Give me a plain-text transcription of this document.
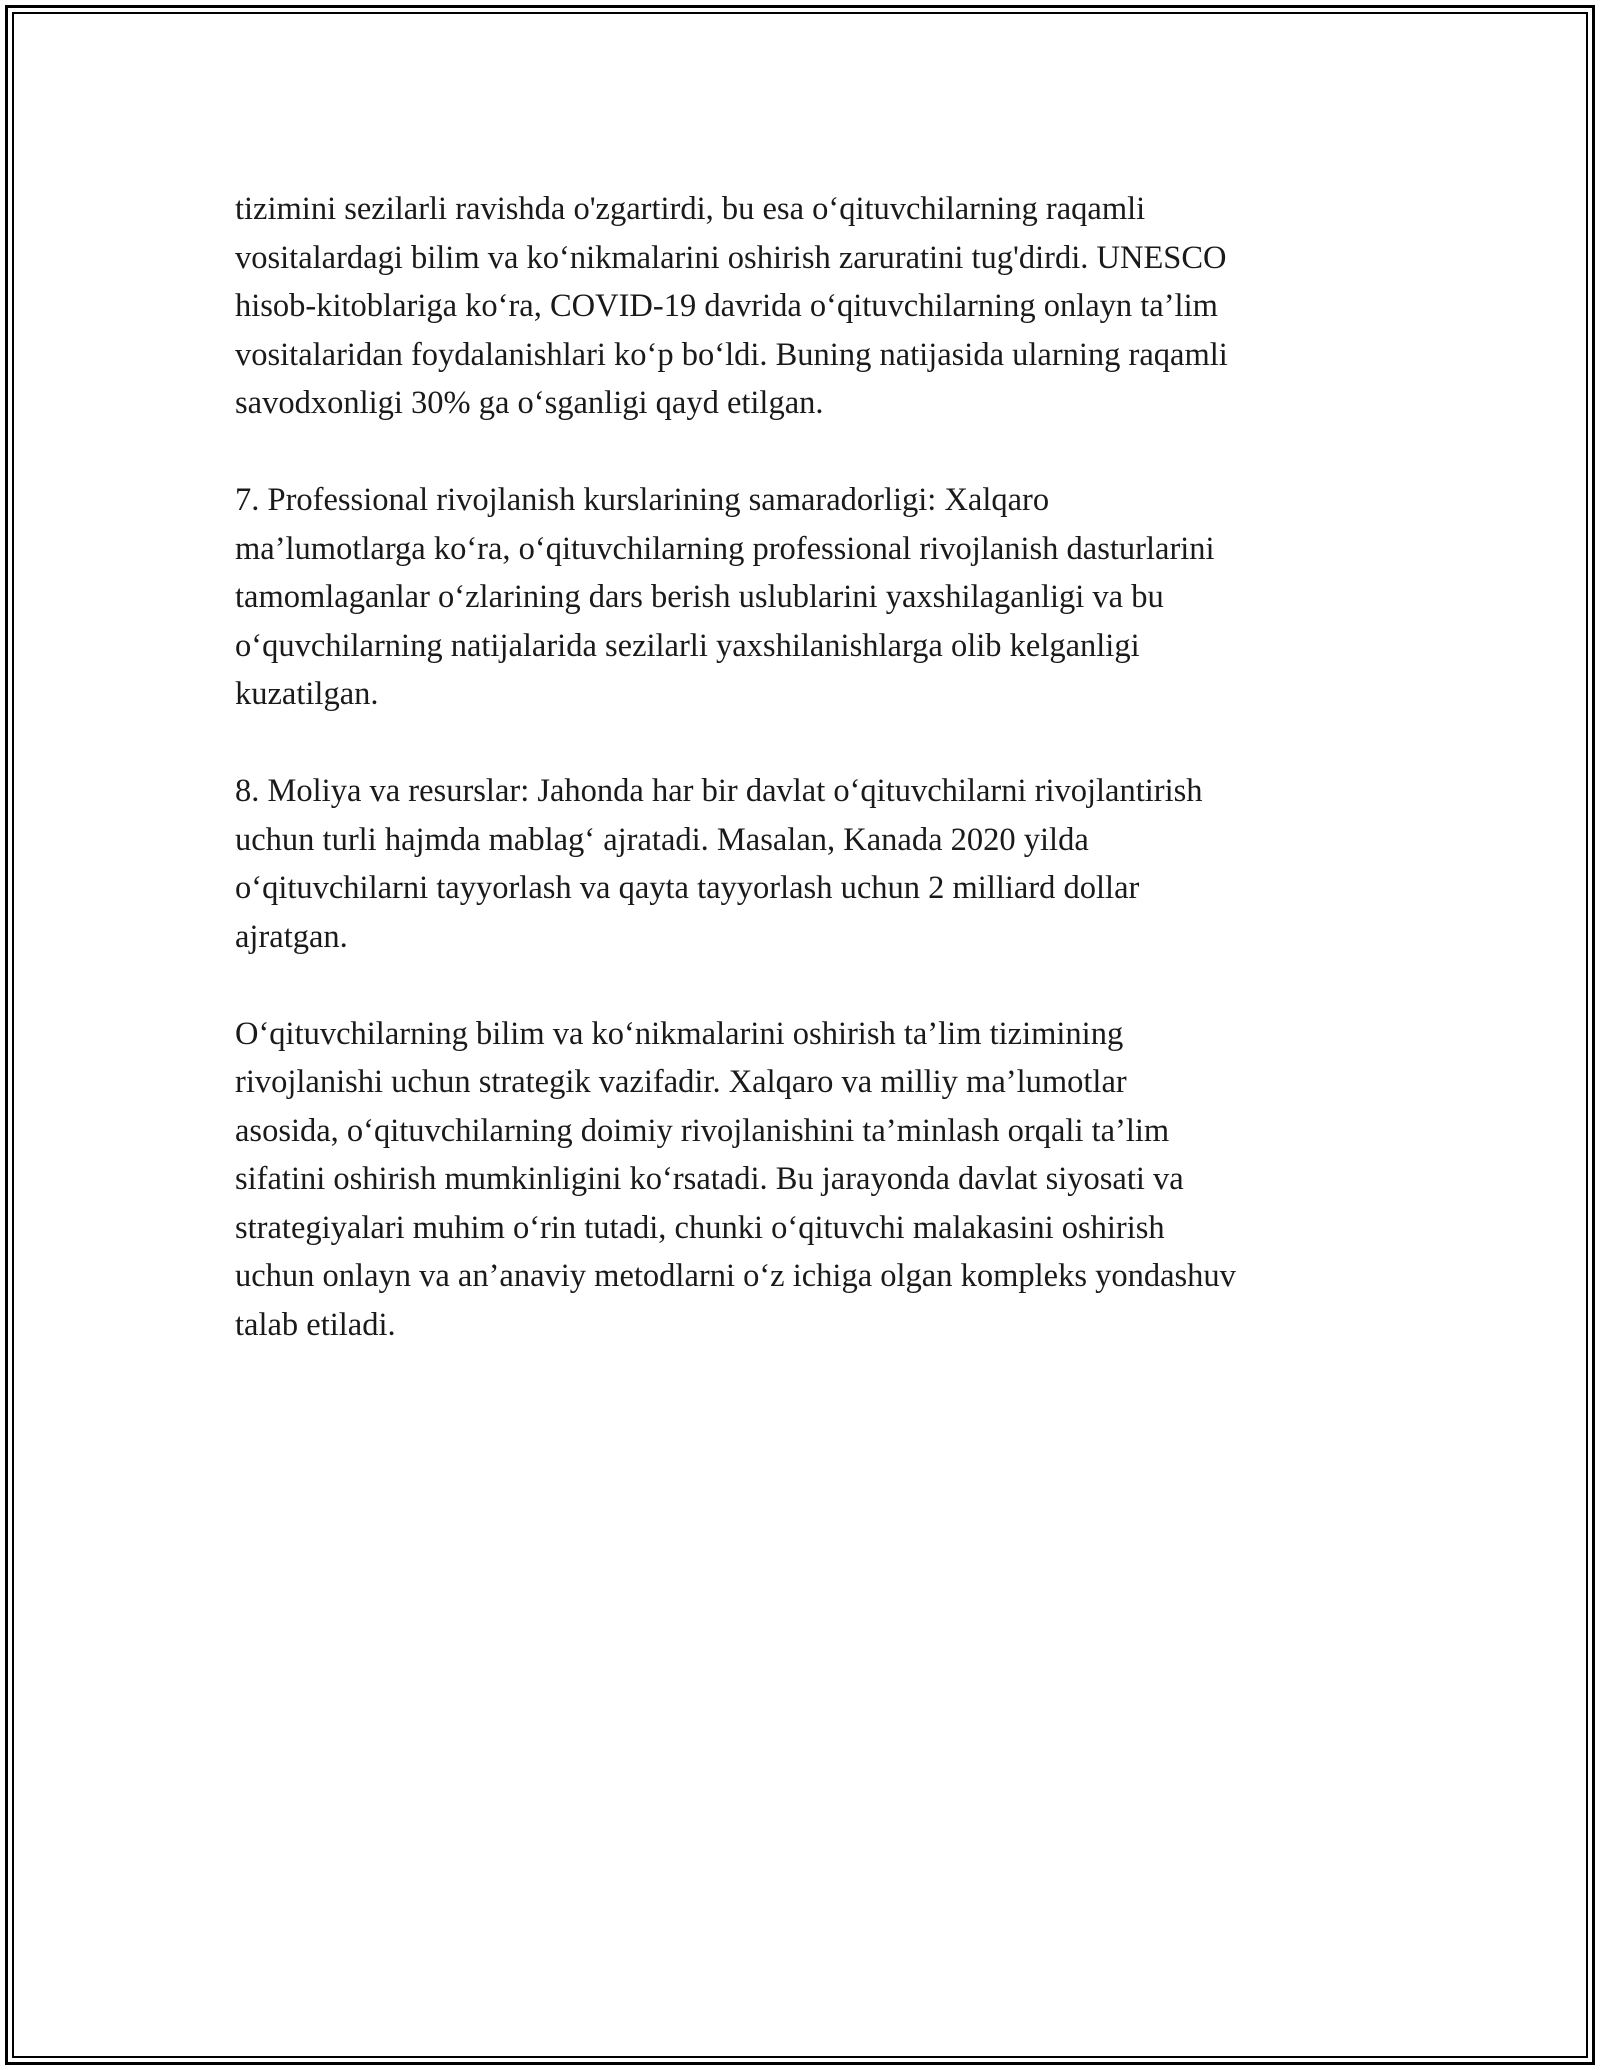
tizimini sezilarli ravishda o'zgartirdi, bu esa o‘qituvchilarning raqamli
vositalardagi bilim va ko‘nikmalarini oshirish zaruratini tug'dirdi. UNESCO
hisob-kitoblariga ko‘ra, COVID-19 davrida o‘qituvchilarning onlayn ta’lim
vositalaridan foydalanishlari ko‘p bo‘ldi. Buning natijasida ularning raqamli
savodxonligi 30% ga o‘sganligi qayd etilgan.

7. Professional rivojlanish kurslarining samaradorligi: Xalqaro
ma’lumotlarga ko‘ra, o‘qituvchilarning professional rivojlanish dasturlarini
tamomlaganlar o‘zlarining dars berish uslublarini yaxshilaganligi va bu
o‘quvchilarning natijalarida sezilarli yaxshilanishlarga olib kelganligi
kuzatilgan.

8. Moliya va resurslar: Jahonda har bir davlat o‘qituvchilarni rivojlantirish
uchun turli hajmda mablag‘ ajratadi. Masalan, Kanada 2020 yilda
o‘qituvchilarni tayyorlash va qayta tayyorlash uchun 2 milliard dollar
ajratgan.

O‘qituvchilarning bilim va ko‘nikmalarini oshirish ta’lim tizimining
rivojlanishi uchun strategik vazifadir. Xalqaro va milliy ma’lumotlar
asosida, o‘qituvchilarning doimiy rivojlanishini ta’minlash orqali ta’lim
sifatini oshirish mumkinligini ko‘rsatadi. Bu jarayonda davlat siyosati va
strategiyalari muhim o‘rin tutadi, chunki o‘qituvchi malakasini oshirish
uchun onlayn va an’anaviy metodlarni o‘z ichiga olgan kompleks yondashuv
talab etiladi.
